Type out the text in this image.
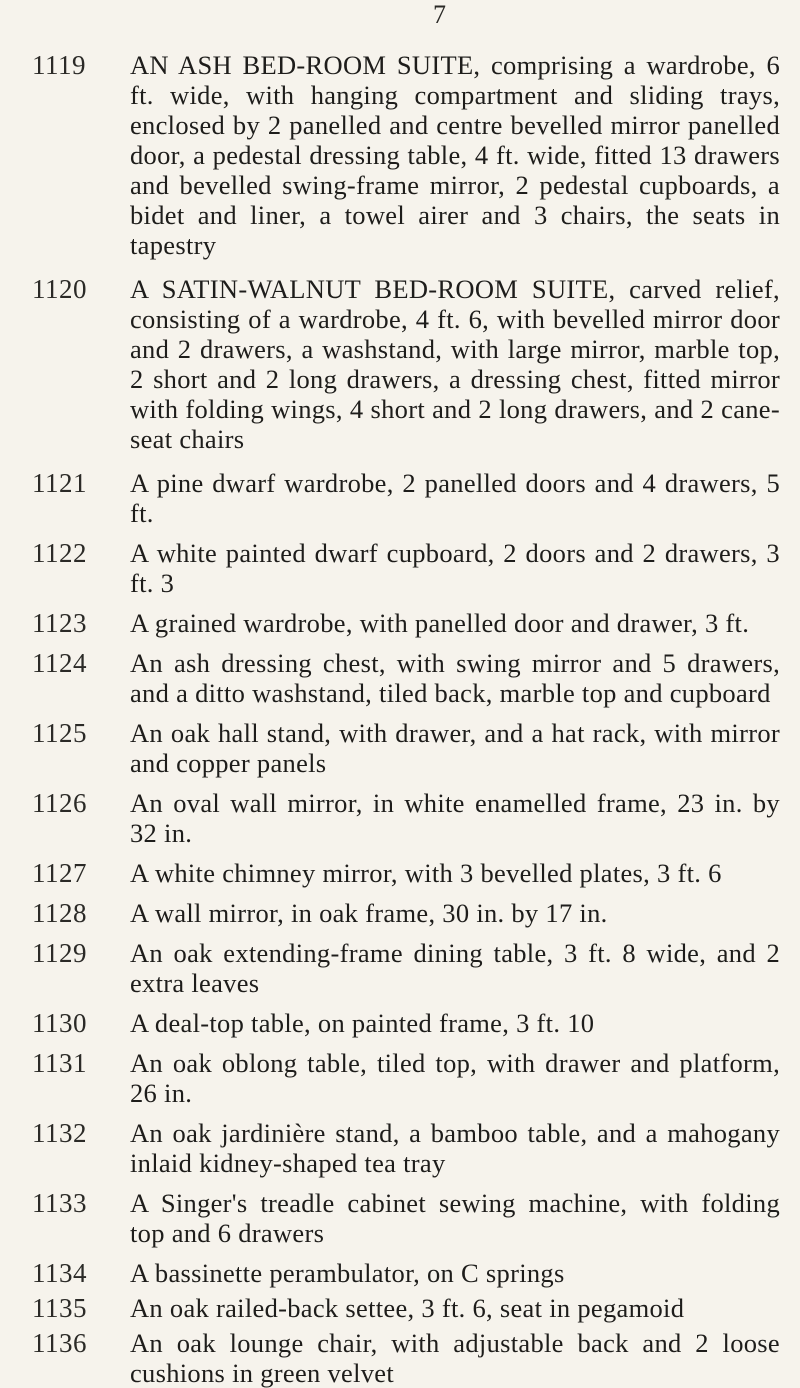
7
1119	AN ASH BED-ROOM SUITE, comprising a wardrobe, 6 ft. wide, with hanging compartment and sliding trays, enclosed by 2 panelled and centre bevelled mirror panelled door, a pedestal dressing table, 4 ft. wide, fitted 13 drawers and bevelled swing-frame mirror, 2 pedestal cupboards, a bidet and liner, a towel airer and 3 chairs, the seats in tapestry
1120	A SATIN-WALNUT BED-ROOM SUITE, carved relief, consisting of a wardrobe, 4 ft. 6, with bevelled mirror door and 2 drawers, a washstand, with large mirror, marble top, 2 short and 2 long drawers, a dressing chest, fitted mirror with folding wings, 4 short and 2 long drawers, and 2 cane-seat chairs
1121	A pine dwarf wardrobe, 2 panelled doors and 4 drawers, 5 ft.
1122	A white painted dwarf cupboard, 2 doors and 2 drawers, 3 ft. 3
1123	A grained wardrobe, with panelled door and drawer, 3 ft.
1124	An ash dressing chest, with swing mirror and 5 drawers, and a ditto washstand, tiled back, marble top and cupboard
1125	An oak hall stand, with drawer, and a hat rack, with mirror and copper panels
1126	An oval wall mirror, in white enamelled frame, 23 in. by 32 in.
1127	A white chimney mirror, with 3 bevelled plates, 3 ft. 6
1128	A wall mirror, in oak frame, 30 in. by 17 in.
1129	An oak extending-frame dining table, 3 ft. 8 wide, and 2 extra leaves
1130	A deal-top table, on painted frame, 3 ft. 10
1131	An oak oblong table, tiled top, with drawer and platform, 26 in.
1132	An oak jardinière stand, a bamboo table, and a mahogany inlaid kidney-shaped tea tray
1133	A Singer's treadle cabinet sewing machine, with folding top and 6 drawers
1134	A bassinette perambulator, on C springs
1135	An oak railed-back settee, 3 ft. 6, seat in pegamoid
1136	An oak lounge chair, with adjustable back and 2 loose cushions in green velvet
